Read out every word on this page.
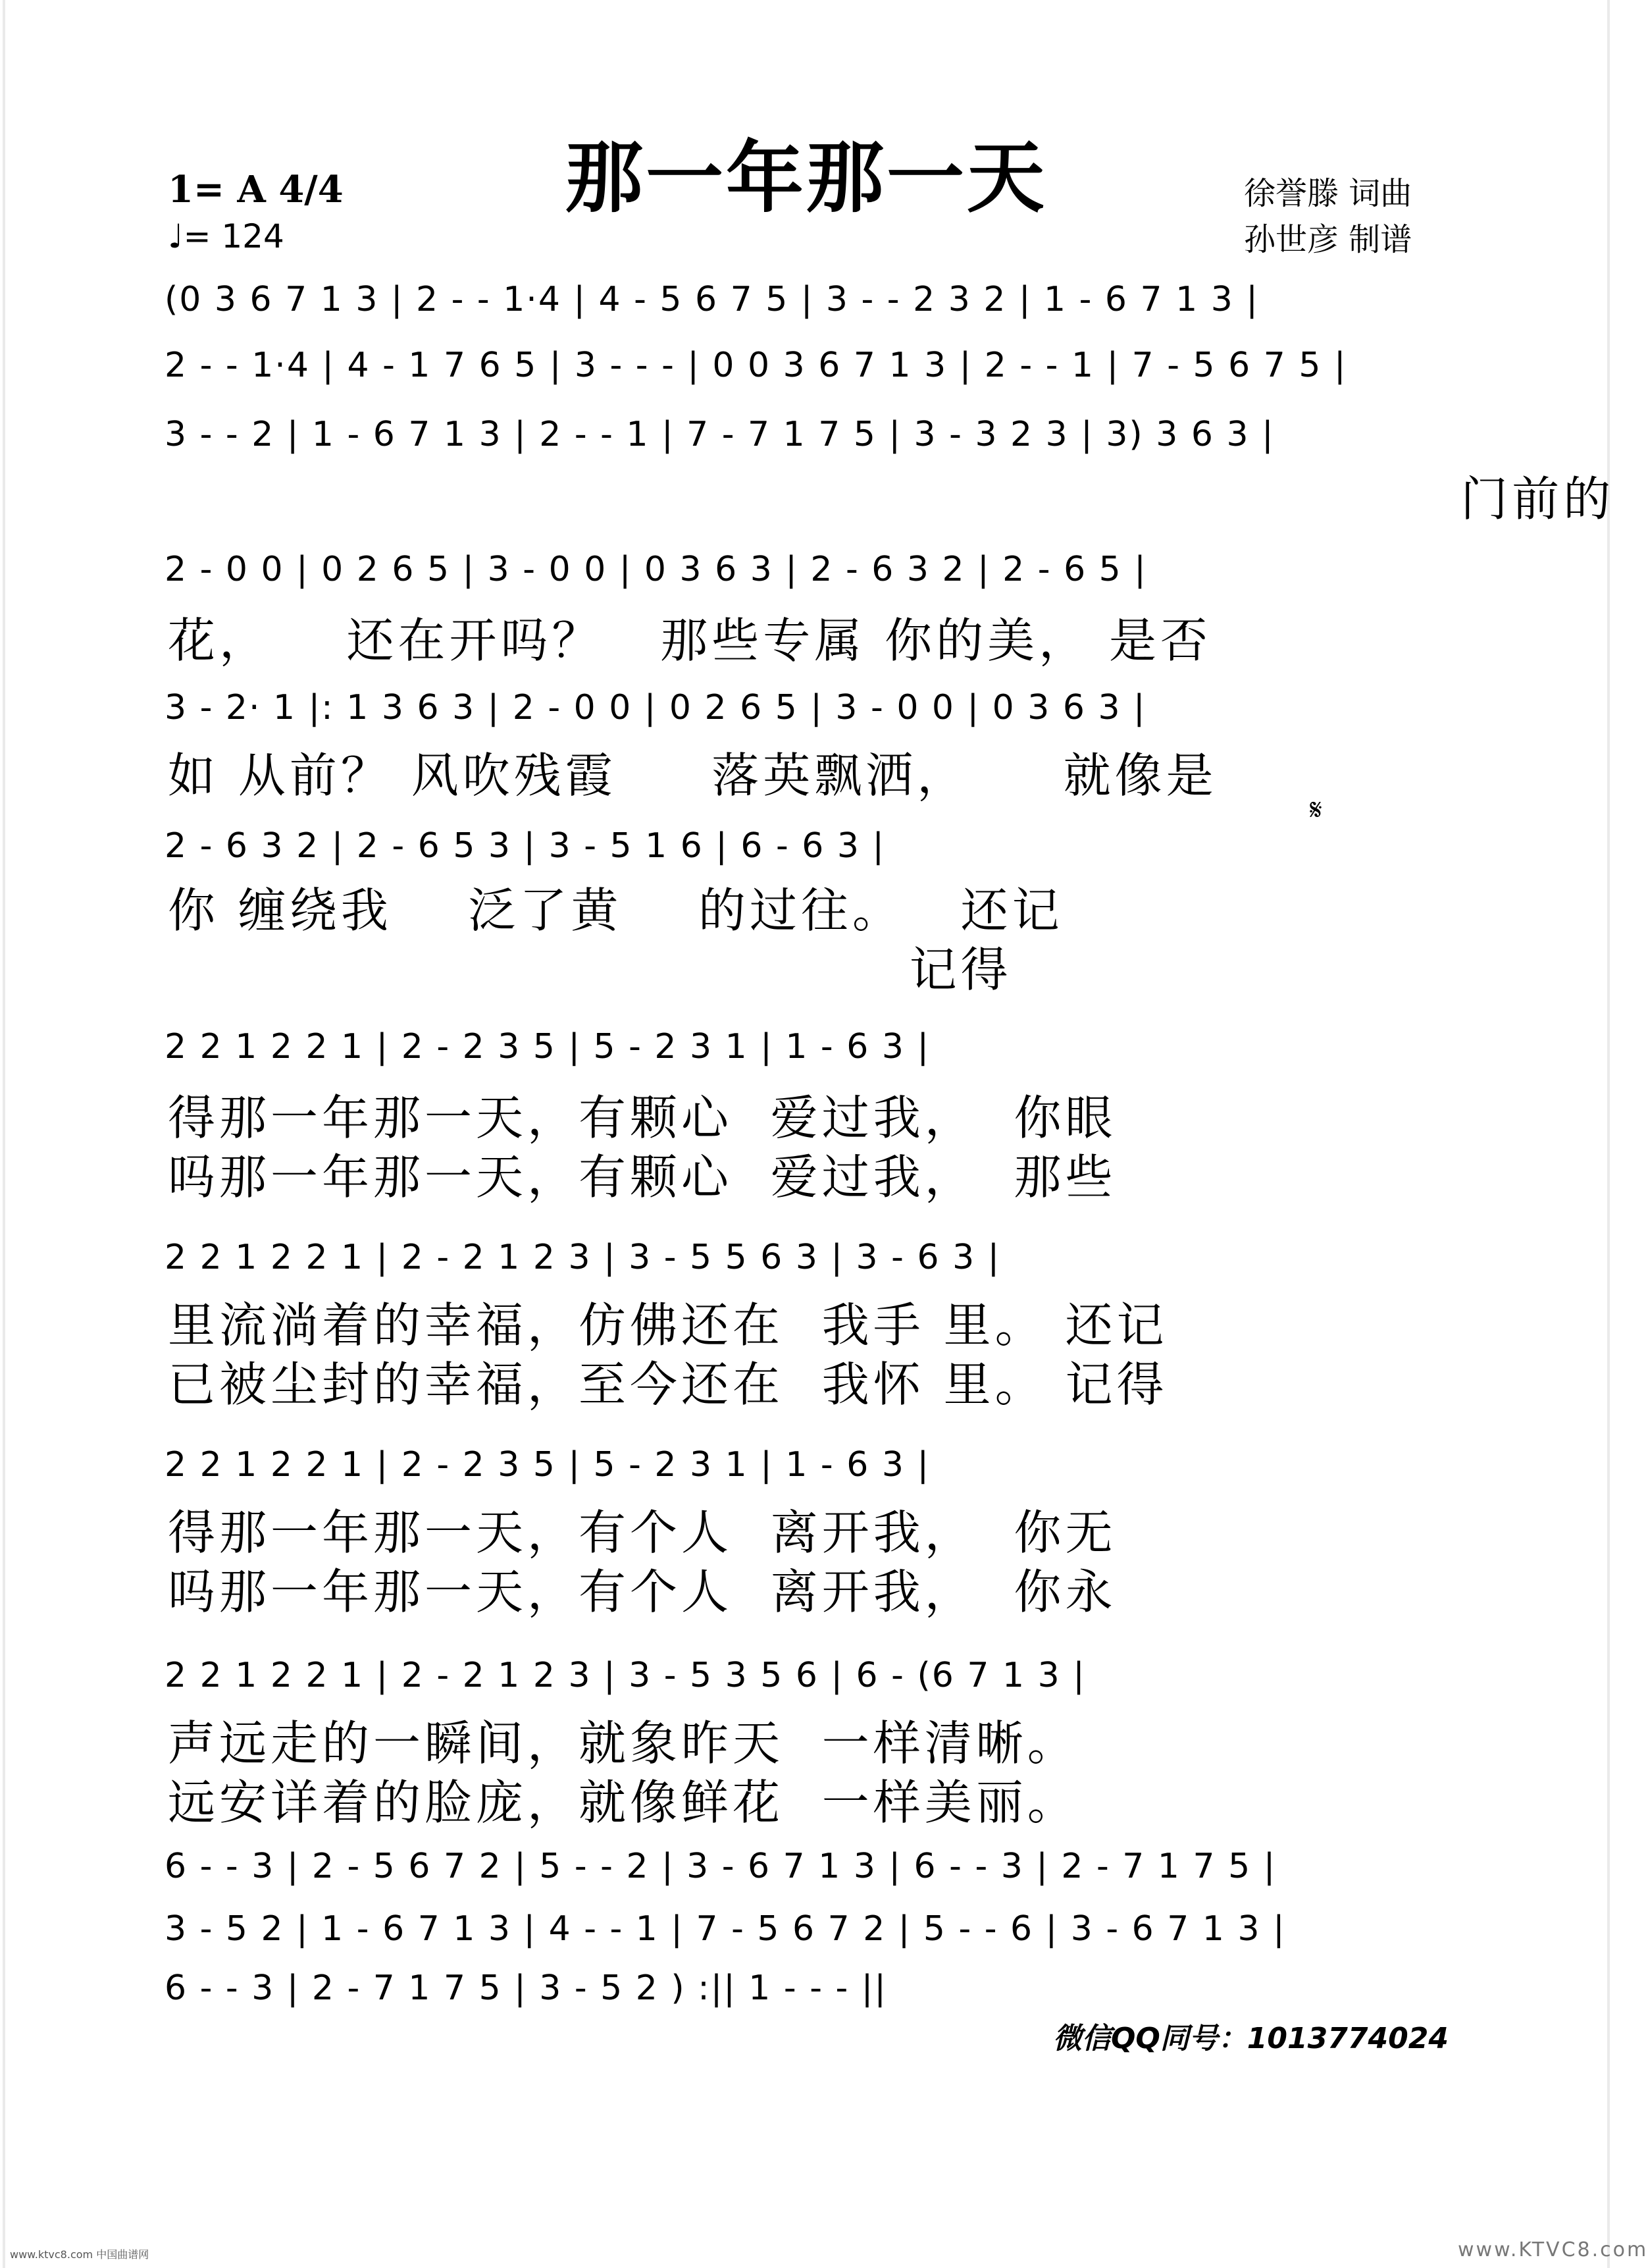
那一年那一天
1= A 4/4
♩= 124
徐誉滕 词曲
孙世彦 制谱
(0 3 6 7 1 3 | 2 - - 1·4 | 4 - 5 6 7 5 | 3 - - 2 3 2 | 1 - 6 7 1 3 |
2 - - 1·4 | 4 - 1 7 6 5 | 3 - - - | 0 0 3 6 7 1 3 | 2 - - 1 | 7 - 5 6 7 5 |
3 - - 2 | 1 - 6 7 1 3 | 2 - - 1 | 7 - 7 1 7 5 | 3 - 3 2 3 | 3) 3 6 3 |
门前的
2 - 0 0 | 0 2 6 5 | 3 - 0 0 | 0 3 6 3 | 2 - 6 3 2 | 2 - 6 5 |
花，    还在开吗？   那些专属 你的美， 是否
3 - 2· 1 |: 1 3 6 3 | 2 - 0 0 | 0 2 6 5 | 3 - 0 0 | 0 3 6 3 |
如 从前？ 风吹残霞     落英飘洒，     就像是
𝄋
2 - 6 3 2 | 2 - 6 5 3 | 3 - 5 1 6 | 6 - 6 3 |
你 缠绕我    泛了黄    的过往。   还记
记得
2 2 1 2 2 1 | 2 - 2 3 5 | 5 - 2 3 1 | 1 - 6 3 |
得那一年那一天，有颗心  爱过我，  你眼
吗那一年那一天，有颗心  爱过我，  那些
2 2 1 2 2 1 | 2 - 2 1 2 3 | 3 - 5 5 6 3 | 3 - 6 3 |
里流淌着的幸福，仿佛还在  我手 里。 还记
已被尘封的幸福，至今还在  我怀 里。 记得
2 2 1 2 2 1 | 2 - 2 3 5 | 5 - 2 3 1 | 1 - 6 3 |
得那一年那一天，有个人  离开我，  你无
吗那一年那一天，有个人  离开我，  你永
2 2 1 2 2 1 | 2 - 2 1 2 3 | 3 - 5 3 5 6 | 6 - (6 7 1 3 |
声远走的一瞬间，就象昨天  一样清晰。
远安详着的脸庞，就像鲜花  一样美丽。
6 - - 3 | 2 - 5 6 7 2 | 5 - - 2 | 3 - 6 7 1 3 | 6 - - 3 | 2 - 7 1 7 5 |
3 - 5 2 | 1 - 6 7 1 3 | 4 - - 1 | 7 - 5 6 7 2 | 5 - - 6 | 3 - 6 7 1 3 |
6 - - 3 | 2 - 7 1 7 5 | 3 - 5 2 ) :|| 1 - - - ||
微信QQ同号：1013774024
www.ktvc8.com 中国曲谱网	www.KTVC8.com
